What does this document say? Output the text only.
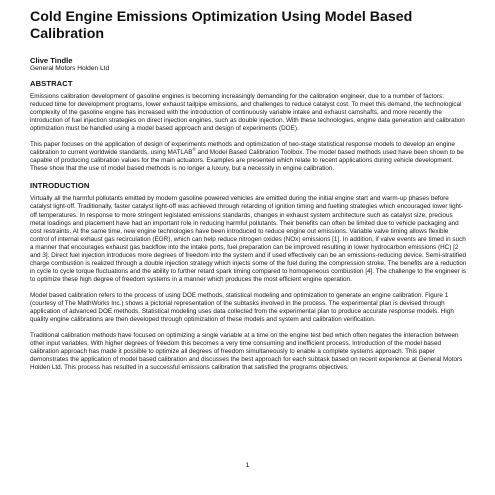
Cold Engine Emissions Optimization Using Model Based Calibration

Clive Tindle

General Motors Holden Ltd

ABSTRACT

Emissions calibration development of gasoline engines is becoming increasingly demanding for the calibration engineer, due to a number of factors: reduced time for development programs, lower exhaust tailpipe emissions, and challenges to reduce catalyst cost. To meet this demand, the technological complexity of the gasoline engine has increased with the introduction of continuously variable intake and exhaust camshafts, and more recently the introduction of fuel injection strategies on direct injection engines, such as double injection. With these technologies, engine data generation and calibration optimization must be handled using a model based approach and design of experiments (DOE).

This paper focuses on the application of design of experiments methods and optimization of two-stage statistical response models to develop an engine calibration to current worldwide standards, using MATLAB® and Model Based Calibration Toolbox. The model based methods used have been shown to be capable of producing calibration values for the main actuators. Examples are presented which relate to recent applications during vehicle development. These show that the use of model based methods is no longer a luxury, but a necessity in engine calibration.

INTRODUCTION

Virtually all the harmful pollutants emitted by modern gasoline powered vehicles are emitted during the initial engine start and warm-up phases before catalyst light-off. Traditionally, faster catalyst light-off was achieved through retarding of ignition timing and fuelling strategies which encouraged lower light-off temperatures. In response to more stringent legislated emissions standards, changes in exhaust system architecture such as catalyst size, precious metal loadings and placement have had an important role in reducing harmful pollutants. Their benefits can often be limited due to vehicle packaging and cost restraints. At the same time, new engine technologies have been introduced to reduce engine out emissions. Variable valve timing allows flexible control of internal exhaust gas recirculation (EGR), which can help reduce nitrogen oxides (NOx) emissions [1]. In addition, if valve events are timed in such a manner that encourages exhaust gas backflow into the intake ports, fuel preparation can be improved resulting in lower hydrocarbon emissions (HC) [2 and 3]. Direct fuel injection introduces more degrees of freedom into the system and if used effectively can be an emissions-reducing device. Semi-stratified charge combustion is realized through a double injection strategy which injects some of the fuel during the compression stroke. The benefits are a reduction in cycle to cycle torque fluctuations and the ability to further retard spark timing compared to homogeneous combustion [4]. The challenge to the engineer is to optimize these high degree of freedom systems in a manner which produces the most efficient engine operation.

Model based calibration refers to the process of using DOE methods, statistical modeling and optimization to generate an engine calibration. Figure 1 (courtesy of The MathWorks Inc.) shows a pictorial representation of the subtasks involved in the process. The experimental plan is devised through application of advanced DOE methods. Statistical modeling uses data collected from the experimental plan to produce accurate response models. High quality engine calibrations are then developed through optimization of these models and system and calibration verification.

Traditional calibration methods have focused on optimizing a single variable at a time on the engine test bed which often negates the interaction between other input variables. With higher degrees of freedom this becomes a very time consuming and inefficient process. Introduction of the model based calibration approach has made it possible to optimize all degrees of freedom simultaneously to enable a complete systems approach. This paper demonstrates the application of model based calibration and discusses the best approach for each subtask based on recent experience at General Motors Holden Ltd. This process has resulted in a successful emissions calibration that satisfied the programs objectives.

1
